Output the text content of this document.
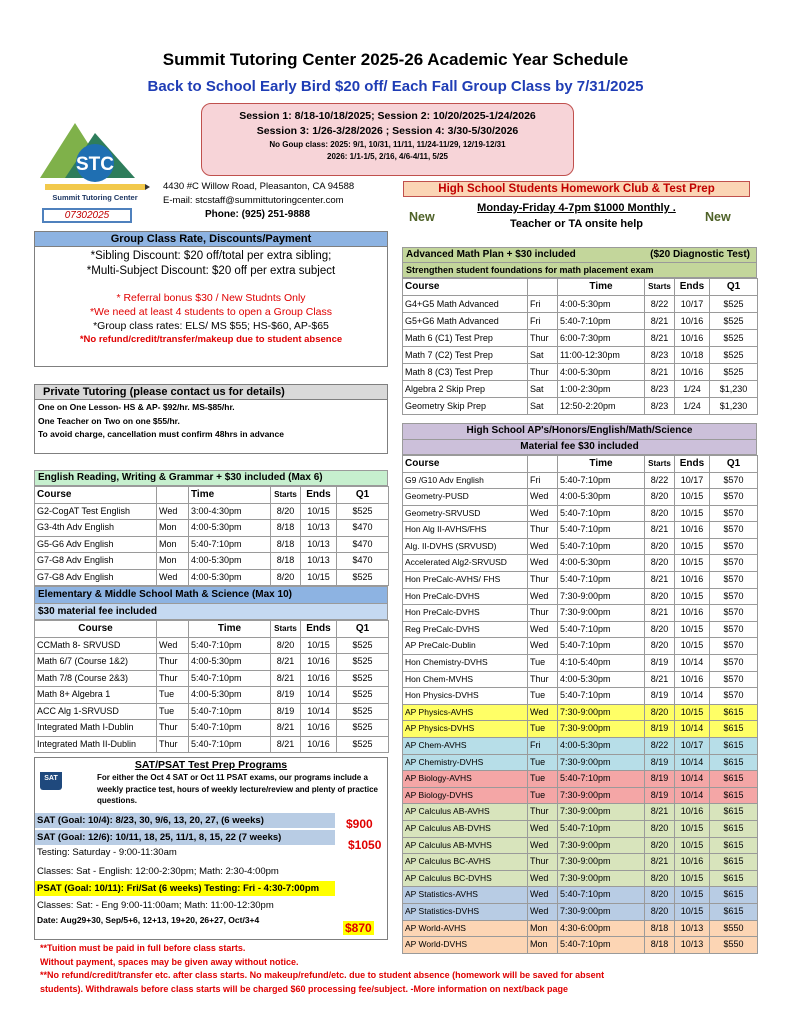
Summit Tutoring Center 2025-26 Academic Year Schedule
Back to School Early Bird $20 off/ Each Fall Group Class by 7/31/2025
Session 1: 8/18-10/18/2025; Session 2: 10/20/2025-1/24/2026
Session 3: 1/26-3/28/2026 ; Session 4: 3/30-5/30/2026
No Goup class: 2025: 9/1, 10/31, 11/11, 11/24-11/29, 12/19-12/31
2026: 1/1-1/5, 2/16, 4/6-4/11, 5/25
STC
Summit Tutoring Center
07302025
4430 #C Willow Road, Pleasanton, CA 94588
E-mail: stcstaff@summittutoringcenter.com
Phone: (925) 251-9888
High School Students Homework Club & Test Prep
Monday-Friday 4-7pm $1000 Monthly .
Teacher or TA onsite help
New	New
Group Class Rate, Discounts/Payment
*Sibling Discount: $20 off/total per extra sibling;
*Multi-Subject Discount: $20 off per extra subject
* Referral bonus $30 / New Studnts Only
*We need at least 4 students to open a Group Class
*Group class rates: ELS/ MS $55; HS-$60, AP-$65
*No refund/credit/transfer/makeup due to student absence
Private Tutoring (please contact us for details)
One on One Lesson- HS & AP- $92/hr. MS-$85/hr.
One Teacher on Two on one $55/hr.
To avoid charge, cancellation must confirm 48hrs in advance
English Reading, Writing & Grammar + $30 included (Max 6)
Course		Time	Starts	Ends	Q1
G2-CogAT Test English	Wed	3:00-4:30pm	8/20	10/15	$525
G3-4th Adv English	Mon	4:00-5:30pm	8/18	10/13	$470
G5-G6 Adv English	Mon	5:40-7:10pm	8/18	10/13	$470
G7-G8 Adv English	Mon	4:00-5:30pm	8/18	10/13	$470
G7-G8 Adv English	Wed	4:00-5:30pm	8/20	10/15	$525
Elementary & Middle School Math & Science (Max 10)
$30 material fee included
Course		Time	Starts	Ends	Q1
CCMath 8- SRVUSD	Wed	5:40-7:10pm	8/20	10/15	$525
Math 6/7 (Course 1&2)	Thur	4:00-5:30pm	8/21	10/16	$525
Math 7/8 (Course 2&3)	Thur	5:40-7:10pm	8/21	10/16	$525
Math 8+ Algebra 1	Tue	4:00-5:30pm	8/19	10/14	$525
ACC Alg 1-SRVUSD	Tue	5:40-7:10pm	8/19	10/14	$525
Integrated Math I-Dublin	Thur	5:40-7:10pm	8/21	10/16	$525
Integrated Math II-Dublin	Thur	5:40-7:10pm	8/21	10/16	$525
SAT
SAT/PSAT Test Prep Programs
For either the Oct 4 SAT or Oct 11 PSAT exams, our programs include a weekly practice test, hours of weekly lecture/review and plenty of practice questions.
SAT (Goal: 10/4): 8/23, 30, 9/6, 13, 20, 27, (6 weeks)
SAT (Goal: 12/6): 10/11, 18, 25, 11/1, 8, 15, 22 (7 weeks)
Testing: Saturday - 9:00-11:30am
Classes: Sat - English: 12:00-2:30pm; Math: 2:30-4:00pm
PSAT (Goal: 10/11): Fri/Sat (6 weeks) Testing: Fri - 4:30-7:00pm
Classes: Sat: - Eng 9:00-11:00am; Math: 11:00-12:30pm
Date: Aug29+30, Sep/5+6, 12+13, 19+20, 26+27, Oct/3+4
$900
$1050
$870
Advanced Math Plan + $30 included	($20 Diagnostic Test)
Strengthen student foundations for math placement exam
Course		Time	Starts	Ends	Q1
G4+G5 Math Advanced	Fri	4:00-5:30pm	8/22	10/17	$525
G5+G6 Math Advanced	Fri	5:40-7:10pm	8/21	10/16	$525
Math 6 (C1) Test Prep	Thur	6:00-7:30pm	8/21	10/16	$525
Math 7 (C2) Test Prep	Sat	11:00-12:30pm	8/23	10/18	$525
Math 8 (C3) Test Prep	Thur	4:00-5:30pm	8/21	10/16	$525
Algebra 2 Skip Prep	Sat	1:00-2:30pm	8/23	1/24	$1,230
Geometry Skip Prep	Sat	12:50-2:20pm	8/23	1/24	$1,230
High School AP's/Honors/English/Math/Science
Material fee $30 included
Course		Time	Starts	Ends	Q1
G9 /G10 Adv English	Fri	5:40-7:10pm	8/22	10/17	$570
Geometry-PUSD	Wed	4:00-5:30pm	8/20	10/15	$570
Geometry-SRVUSD	Wed	5:40-7:10pm	8/20	10/15	$570
Hon Alg II-AVHS/FHS	Thur	5:40-7:10pm	8/21	10/16	$570
Alg. II-DVHS (SRVUSD)	Wed	5:40-7:10pm	8/20	10/15	$570
Accelerated Alg2-SRVUSD	Wed	4:00-5:30pm	8/20	10/15	$570
Hon PreCalc-AVHS/ FHS	Thur	5:40-7:10pm	8/21	10/16	$570
Hon PreCalc-DVHS	Wed	7:30-9:00pm	8/20	10/15	$570
Hon PreCalc-DVHS	Thur	7:30-9:00pm	8/21	10/16	$570
Reg PreCalc-DVHS	Wed	5:40-7:10pm	8/20	10/15	$570
AP PreCalc-Dublin	Wed	5:40-7:10pm	8/20	10/15	$570
Hon Chemistry-DVHS	Tue	4:10-5:40pm	8/19	10/14	$570
Hon Chem-MVHS	Thur	4:00-5:30pm	8/21	10/16	$570
Hon Physics-DVHS	Tue	5:40-7:10pm	8/19	10/14	$570
AP Physics-AVHS	Wed	7:30-9:00pm	8/20	10/15	$615
AP Physics-DVHS	Tue	7:30-9:00pm	8/19	10/14	$615
AP Chem-AVHS	Fri	4:00-5:30pm	8/22	10/17	$615
AP Chemistry-DVHS	Tue	7:30-9:00pm	8/19	10/14	$615
AP Biology-AVHS	Tue	5:40-7:10pm	8/19	10/14	$615
AP Biology-DVHS	Tue	7:30-9:00pm	8/19	10/14	$615
AP Calculus AB-AVHS	Thur	7:30-9:00pm	8/21	10/16	$615
AP Calculus AB-DVHS	Wed	5:40-7:10pm	8/20	10/15	$615
AP Calculus AB-MVHS	Wed	7:30-9:00pm	8/20	10/15	$615
AP Calculus BC-AVHS	Thur	7:30-9:00pm	8/21	10/16	$615
AP Calculus BC-DVHS	Wed	7:30-9:00pm	8/20	10/15	$615
AP Statistics-AVHS	Wed	5:40-7:10pm	8/20	10/15	$615
AP Statistics-DVHS	Wed	7:30-9:00pm	8/20	10/15	$615
AP World-AVHS	Mon	4:30-6:00pm	8/18	10/13	$550
AP World-DVHS	Mon	5:40-7:10pm	8/18	10/13	$550
**Tuition must be paid in full before class starts.
Without payment, spaces may be given away without notice.
**No refund/credit/transfer etc. after class starts. No makeup/refund/etc. due to student absence (homework will be saved for absent
students). Withdrawals before class starts will be charged $60 processing fee/subject. -More information on next/back page
